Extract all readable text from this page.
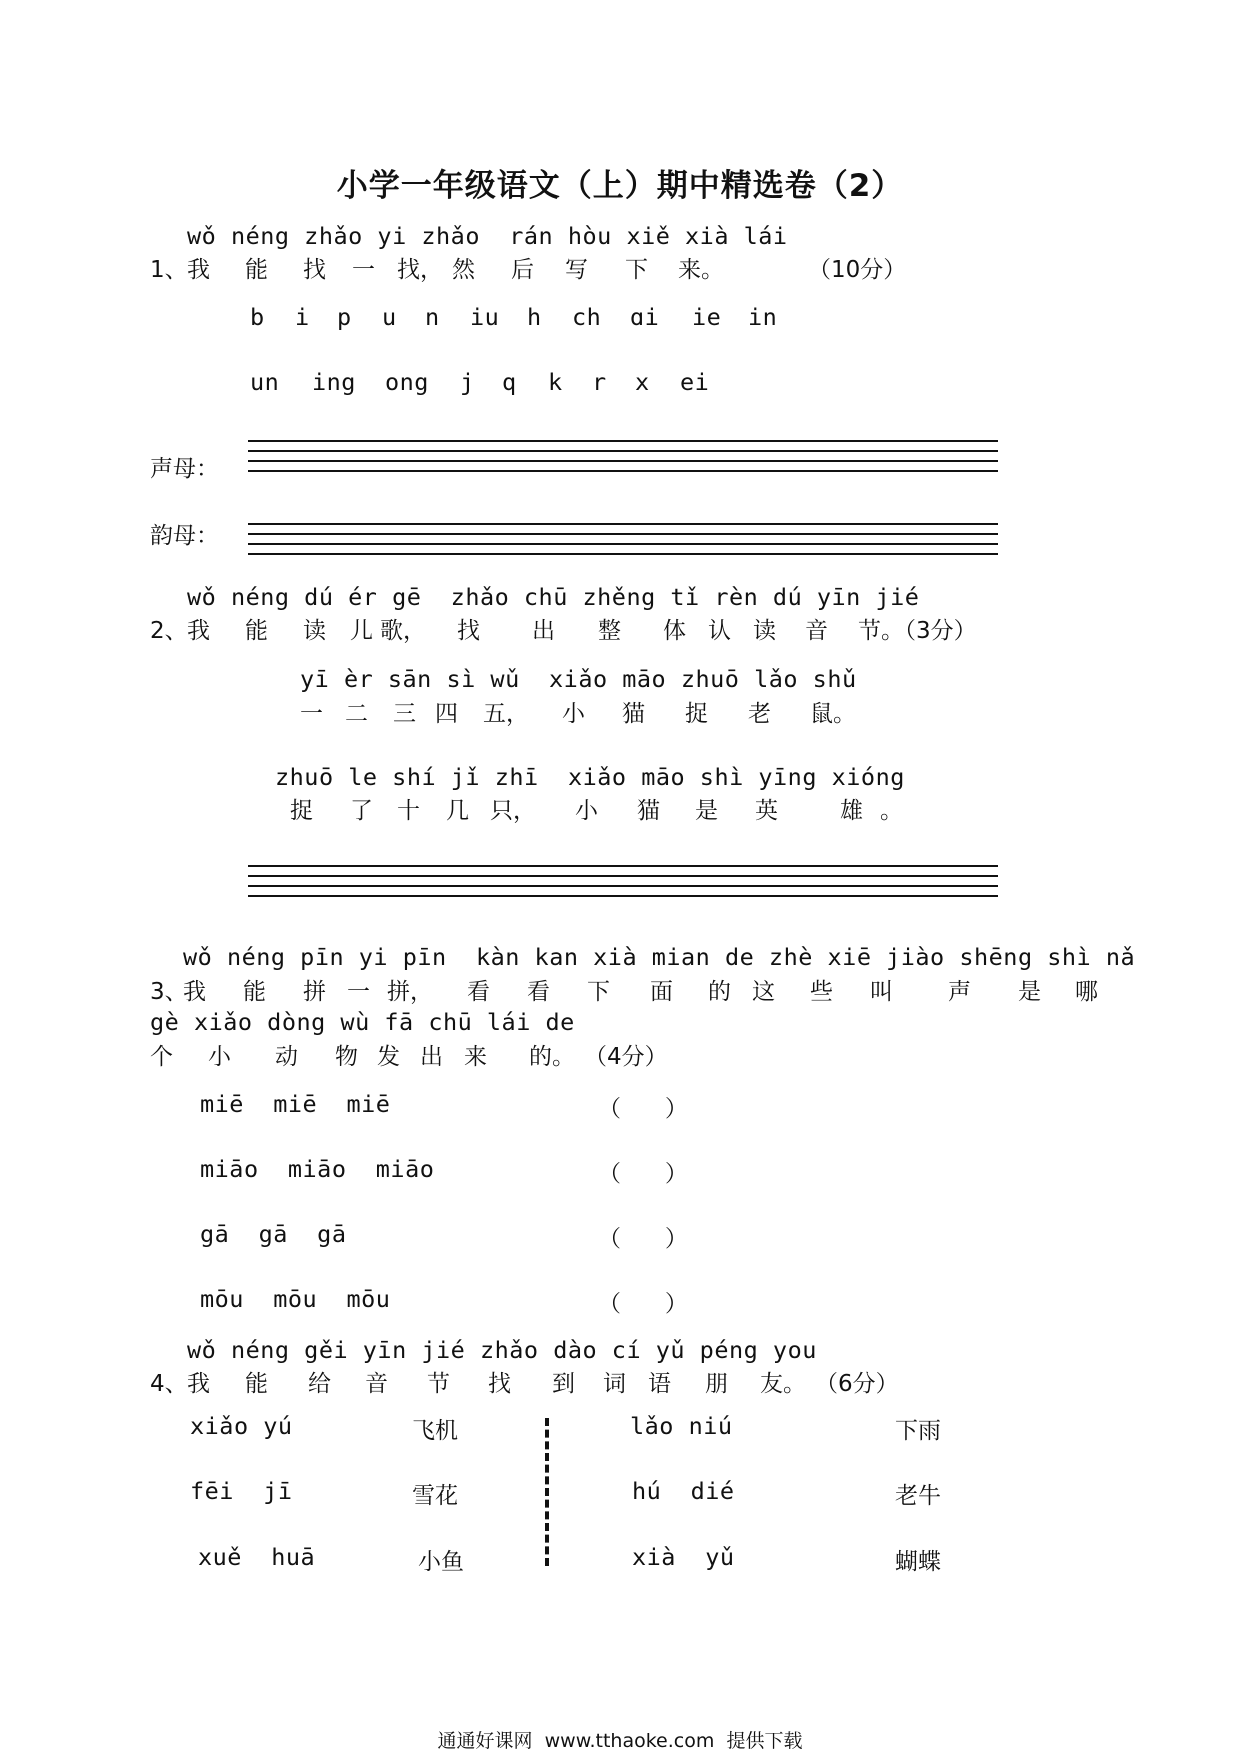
小学一年级语文（上）期中精选卷（2）
wǒ néng zhǎo yi zhǎo  rán hòu xiě xià lái
1、 我 能 找 一 找， 然 后 写 下 来。	（10分）
b i p u n iu h ch ɑi ie in
un ing ong j q k r x ei
声母：
韵母：
wǒ néng dú ér gē  zhǎo chū zhěng tǐ rèn dú yīn jié
2、 我 能 读 儿 歌， 找 出 整 体 认 读 音 节。
（3分）
yī èr sān sì wǔ  xiǎo māo zhuō lǎo shǔ
一 二 三 四 五， 小 猫 捉 老 鼠。
zhuō le shí jǐ zhī  xiǎo māo shì yīng xióng
捉 了 十 几 只， 小 猫 是 英	雄 。
wǒ néng pīn yi pīn  kàn kan xià mian de zhè xiē jiào shēng shì nǎ
3、
我 能 拼 一 拼， 看 看 下 面 的 这 些 叫 声 是 哪
gè xiǎo dòng wù fā chū lái de
个 小 动 物 发 出 来 的。 （4分）
miē  miē  miē	（      ）
miāo  miāo  miāo	（      ）
gā  gā  gā	（      ）
mōu  mōu  mōu	（      ）
wǒ néng gěi yīn jié zhǎo dào cí yǔ péng you
4、 我 能 给 音 节 找 到 词 语 朋 友。 （6分）
xiǎo yú	飞机
fēi  jī	雪花
xuě  huā	小鱼
lǎo niú	下雨
hú  dié	老牛
xià  yǔ	蝴蝶
通通好课网  www.tthaoke.com  提供下载
